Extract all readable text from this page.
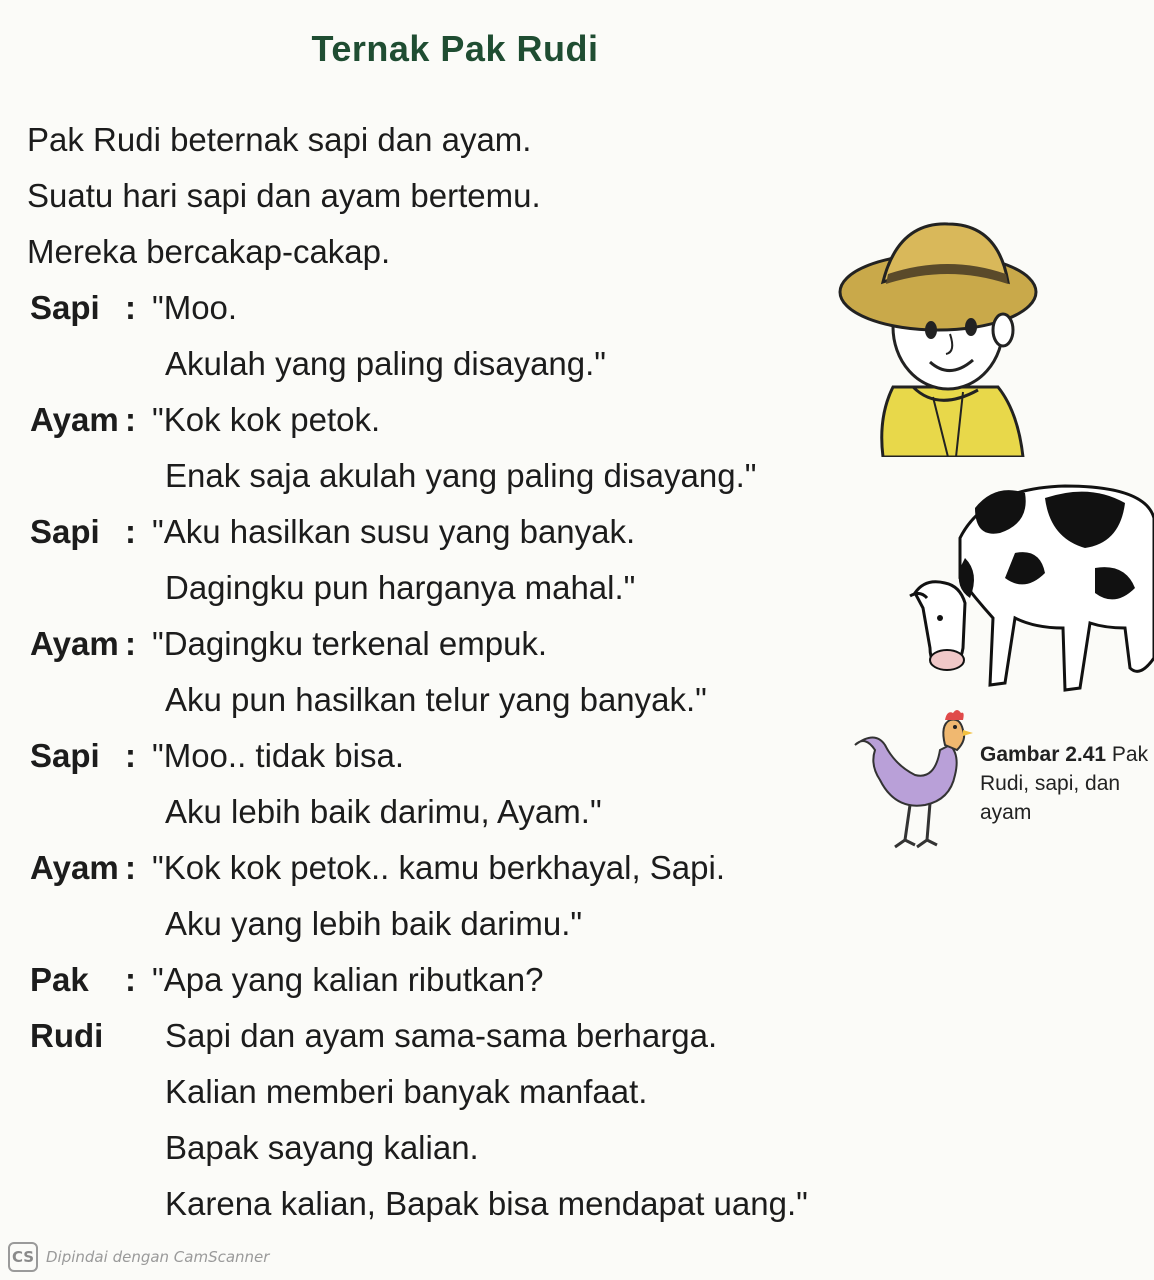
Ternak Pak Rudi
Pak Rudi beternak sapi dan ayam.
Suatu hari sapi dan ayam bertemu.
Mereka bercakap-cakap.
Sapi : "Moo.
Akulah yang paling disayang."
Ayam : "Kok kok petok.
Enak saja akulah yang paling disayang."
Sapi : "Aku hasilkan susu yang banyak.
Dagingku pun harganya mahal."
Ayam : "Dagingku terkenal empuk.
Aku pun hasilkan telur yang banyak."
Sapi : "Moo.. tidak bisa.
Aku lebih baik darimu, Ayam."
Ayam : "Kok kok petok.. kamu berkhayal, Sapi.
Aku yang lebih baik darimu."
Pak : "Apa yang kalian ributkan?
Rudi Sapi dan ayam sama-sama berharga.
Kalian memberi banyak manfaat.
Bapak sayang kalian.
Karena kalian, Bapak bisa mendapat uang."
Gambar 2.41 Pak Rudi, sapi, dan ayam
CS Dipindai dengan CamScanner
